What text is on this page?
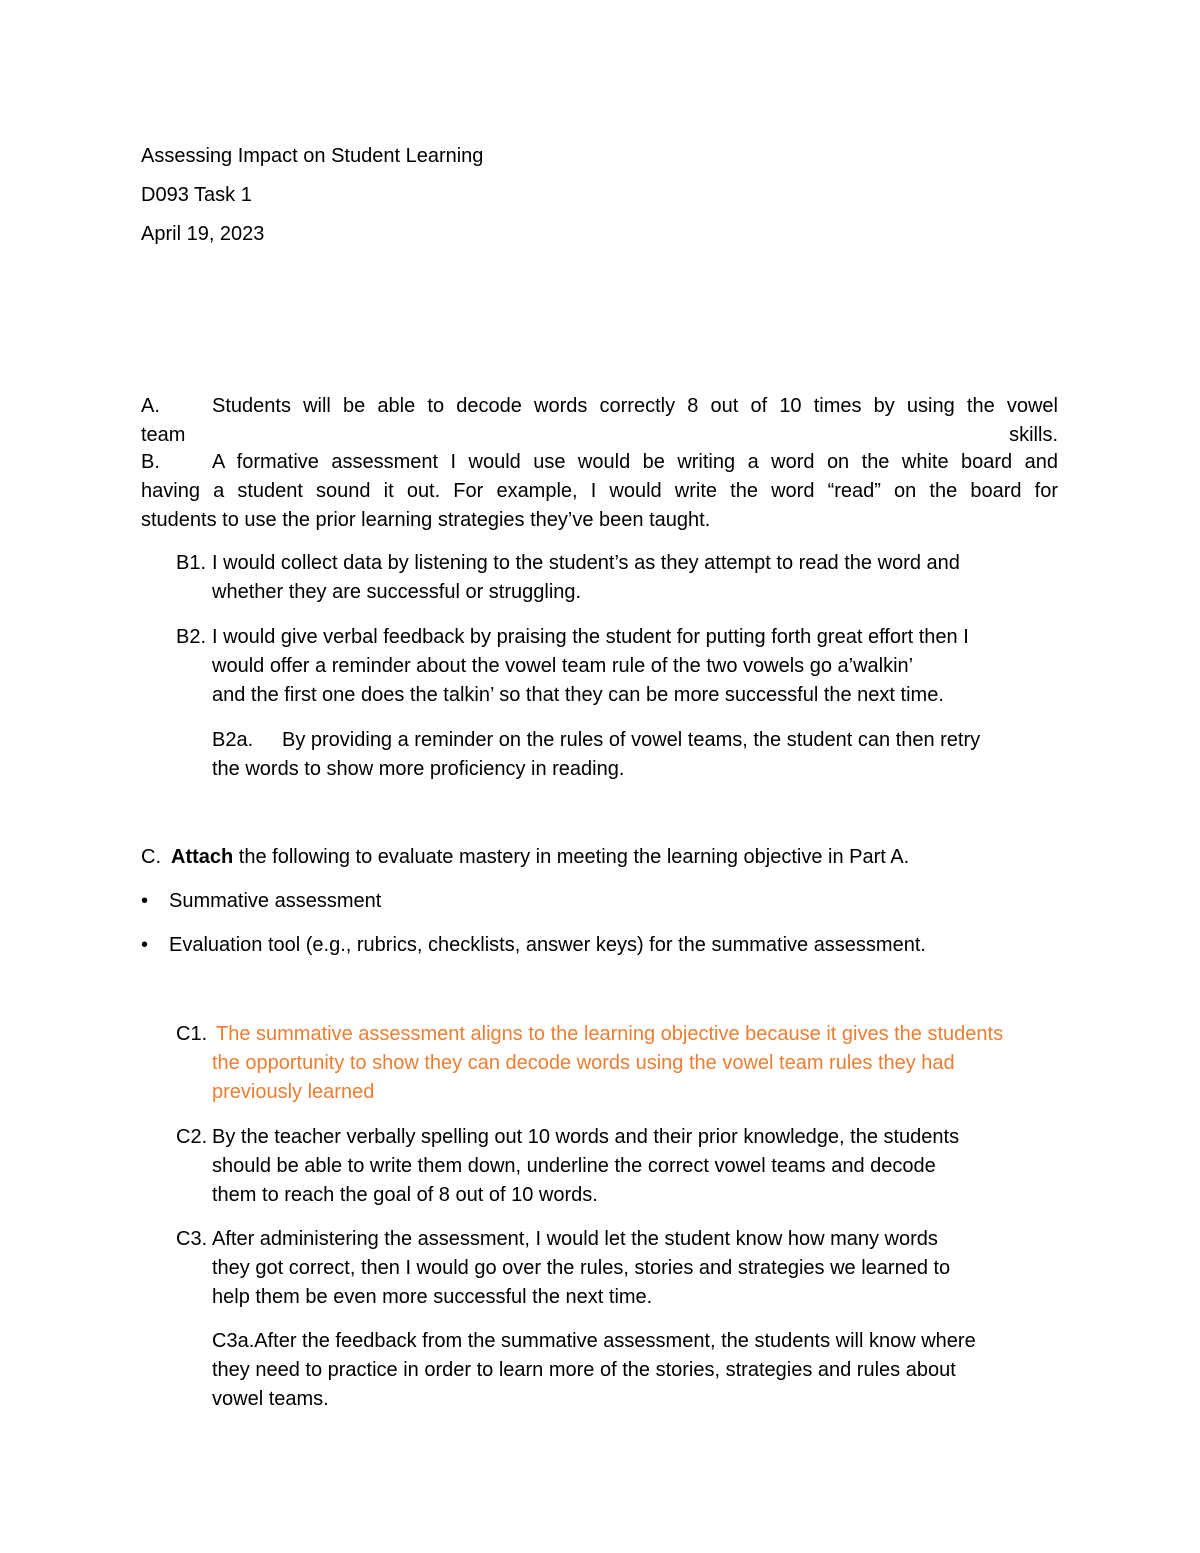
Assessing Impact on Student Learning
D093 Task 1
April 19, 2023
A.	Students will be able to decode words correctly 8 out of 10 times by using the vowel
team	skills.
B.	A formative assessment I would use would be writing a word on the white board and
having a student sound it out. For example, I would write the word “read” on the board for
students to use the prior learning strategies they’ve been taught.
B1. I would collect data by listening to the student’s as they attempt to read the word and
whether they are successful or struggling.
B2. I would give verbal feedback by praising the student for putting forth great effort then I
would offer a reminder about the vowel team rule of the two vowels go a’walkin’
and the first one does the talkin’ so that they can be more successful the next time.
B2a.	By providing a reminder on the rules of vowel teams, the student can then retry
the words to show more proficiency in reading.
C. Attach the following to evaluate mastery in meeting the learning objective in Part A.
• Summative assessment
• Evaluation tool (e.g., rubrics, checklists, answer keys) for the summative assessment.
C1. The summative assessment aligns to the learning objective because it gives the students
the opportunity to show they can decode words using the vowel team rules they had
previously learned
C2. By the teacher verbally spelling out 10 words and their prior knowledge, the students
should be able to write them down, underline the correct vowel teams and decode
them to reach the goal of 8 out of 10 words.
C3. After administering the assessment, I would let the student know how many words
they got correct, then I would go over the rules, stories and strategies we learned to
help them be even more successful the next time.
C3a.After the feedback from the summative assessment, the students will know where
they need to practice in order to learn more of the stories, strategies and rules about
vowel teams.
